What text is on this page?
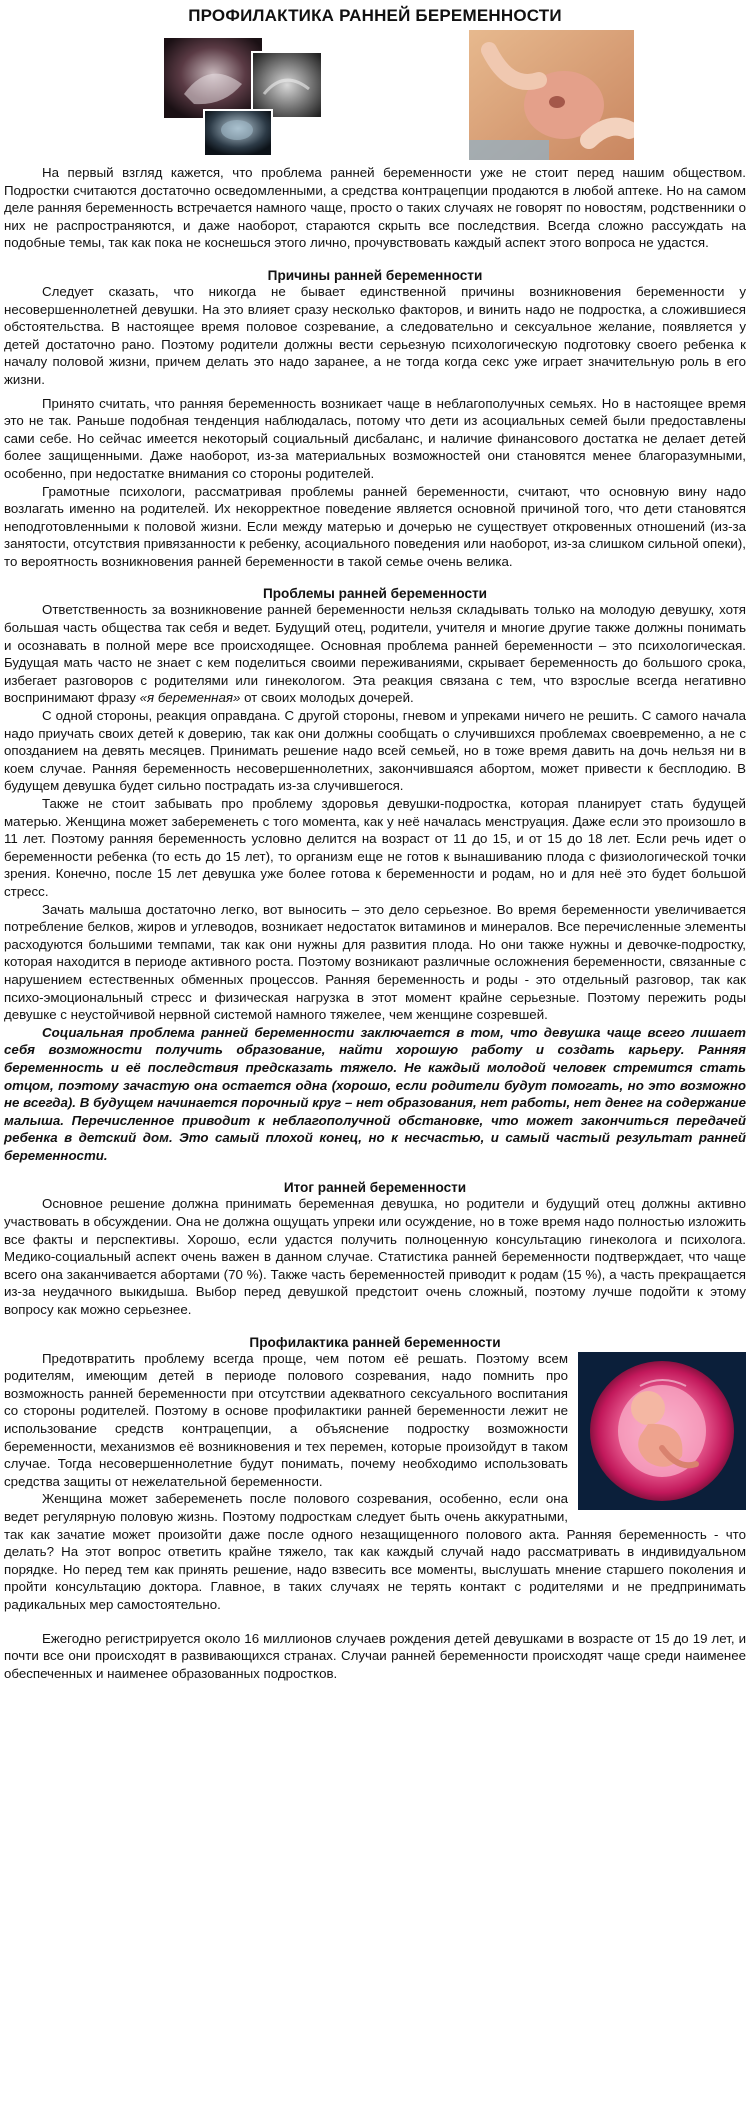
ПРОФИЛАКТИКА РАННЕЙ БЕРЕМЕННОСТИ

На первый взгляд кажется, что проблема ранней беременности уже не стоит перед нашим обществом. Подростки считаются достаточно осведомленными, а средства контрацепции продаются в любой аптеке. Но на самом деле ранняя беременность встречается намного чаще, просто о таких случаях не говорят по новостям, родственники о них не распространяются, и даже наоборот, стараются скрыть все последствия. Всегда сложно рассуждать на подобные темы, так как пока не коснешься этого лично, прочувствовать каждый аспект этого вопроса не удастся.

Причины ранней беременности

Следует сказать, что никогда не бывает единственной причины возникновения беременности у несовершеннолетней девушки. На это влияет сразу несколько факторов, и винить надо не подростка, а сложившиеся обстоятельства. В настоящее время половое созревание, а следовательно и сексуальное желание, появляется у детей достаточно рано. Поэтому родители должны вести серьезную психологическую подготовку своего ребенка к началу половой жизни, причем делать это надо заранее, а не тогда когда секс уже играет значительную роль в его жизни.

Принято считать, что ранняя беременность возникает чаще в неблагополучных семьях. Но в настоящее время это не так. Раньше подобная тенденция наблюдалась, потому что дети из асоциальных семей были предоставлены сами себе. Но сейчас имеется некоторый социальный дисбаланс, и наличие финансового достатка не делает детей более защищенными. Даже наоборот, из-за материальных возможностей они становятся менее благоразумными, особенно, при недостатке внимания со стороны родителей.

Грамотные психологи, рассматривая проблемы ранней беременности, считают, что основную вину надо возлагать именно на родителей. Их некорректное поведение является основной причиной того, что дети становятся неподготовленными к половой жизни. Если между матерью и дочерью не существует откровенных отношений (из-за занятости, отсутствия привязанности к ребенку, асоциального поведения или наоборот, из-за слишком сильной опеки), то вероятность возникновения ранней беременности в такой семье очень велика.

Проблемы ранней беременности

Ответственность за возникновение ранней беременности нельзя складывать только на молодую девушку, хотя большая часть общества так себя и ведет. Будущий отец, родители, учителя и многие другие также должны понимать и осознавать в полной мере все происходящее. Основная проблема ранней беременности – это психологическая. Будущая мать часто не знает с кем поделиться своими переживаниями, скрывает беременность до большого срока, избегает разговоров с родителями или гинекологом. Эта реакция связана с тем, что взрослые всегда негативно воспринимают фразу «я беременная» от своих молодых дочерей.

С одной стороны, реакция оправдана. С другой стороны, гневом и упреками ничего не решить. С самого начала надо приучать своих детей к доверию, так как они должны сообщать о случившихся проблемах своевременно, а не с опозданием на девять месяцев. Принимать решение надо всей семьей, но в тоже время давить на дочь нельзя ни в коем случае. Ранняя беременность несовершеннолетних, закончившаяся абортом, может привести к бесплодию. В будущем девушка будет сильно пострадать из-за случившегося.

Также не стоит забывать про проблему здоровья девушки-подростка, которая планирует стать будущей матерью. Женщина может забеременеть с того момента, как у неё началась менструация. Даже если это произошло в 11 лет. Поэтому ранняя беременность условно делится на возраст от 11 до 15, и от 15 до 18 лет. Если речь идет о беременности ребенка (то есть до 15 лет), то организм еще не готов к вынашиванию плода с физиологической точки зрения. Конечно, после 15 лет девушка уже более готова к беременности и родам, но и для неё это будет большой стресс.

Зачать малыша достаточно легко, вот выносить – это дело серьезное. Во время беременности увеличивается потребление белков, жиров и углеводов, возникает недостаток витаминов и минералов. Все перечисленные элементы расходуются большими темпами, так как они нужны для развития плода. Но они также нужны и девочке-подростку, которая находится в периоде активного роста. Поэтому возникают различные осложнения беременности, связанные с нарушением естественных обменных процессов. Ранняя беременность и роды - это отдельный разговор, так как психо-эмоциональный стресс и физическая нагрузка в этот момент крайне серьезные. Поэтому пережить роды девушке с неустойчивой нервной системой намного тяжелее, чем женщине созревшей.

Социальная проблема ранней беременности заключается в том, что девушка чаще всего лишает себя возможности получить образование, найти хорошую работу и создать карьеру. Ранняя беременность и её последствия предсказать тяжело. Не каждый молодой человек стремится стать отцом, поэтому зачастую она остается одна (хорошо, если родители будут помогать, но это возможно не всегда). В будущем начинается порочный круг – нет образования, нет работы, нет денег на содержание малыша. Перечисленное приводит к неблагополучной обстановке, что может закончиться передачей ребенка в детский дом. Это самый плохой конец, но к несчастью, и самый частый результат ранней беременности.

Итог ранней беременности

Основное решение должна принимать беременная девушка, но родители и будущий отец должны активно участвовать в обсуждении. Она не должна ощущать упреки или осуждение, но в тоже время надо полностью изложить все факты и перспективы. Хорошо, если удастся получить полноценную консультацию гинеколога и психолога. Медико-социальный аспект очень важен в данном случае. Статистика ранней беременности подтверждает, что чаще всего она заканчивается абортами (70 %). Также часть беременностей приводит к родам (15 %), а часть прекращается из-за неудачного выкидыша. Выбор перед девушкой предстоит очень сложный, поэтому лучше подойти к этому вопросу как можно серьезнее.

Профилактика ранней беременности

Предотвратить проблему всегда проще, чем потом её решать. Поэтому всем родителям, имеющим детей в периоде полового созревания, надо помнить про возможность ранней беременности при отсутствии адекватного сексуального воспитания со стороны родителей. Поэтому в основе профилактики ранней беременности лежит не использование средств контрацепции, а объяснение подростку возможности беременности, механизмов её возникновения и тех перемен, которые произойдут в таком случае. Тогда несовершеннолетние будут понимать, почему необходимо использовать средства защиты от нежелательной беременности.

Женщина может забеременеть после полового созревания, особенно, если она ведет регулярную половую жизнь. Поэтому подросткам следует быть очень аккуратными, так как зачатие может произойти даже после одного незащищенного полового акта. Ранняя беременность - что делать? На этот вопрос ответить крайне тяжело, так как каждый случай надо рассматривать в индивидуальном порядке. Но перед тем как принять решение, надо взвесить все моменты, выслушать мнение старшего поколения и пройти консультацию доктора. Главное, в таких случаях не терять контакт с родителями и не предпринимать радикальных мер самостоятельно.

Ежегодно регистрируется около 16 миллионов случаев рождения детей девушками в возрасте от 15 до 19 лет, и почти все они происходят в развивающихся странах. Случаи ранней беременности происходят чаще среди наименее обеспеченных и наименее образованных подростков.
